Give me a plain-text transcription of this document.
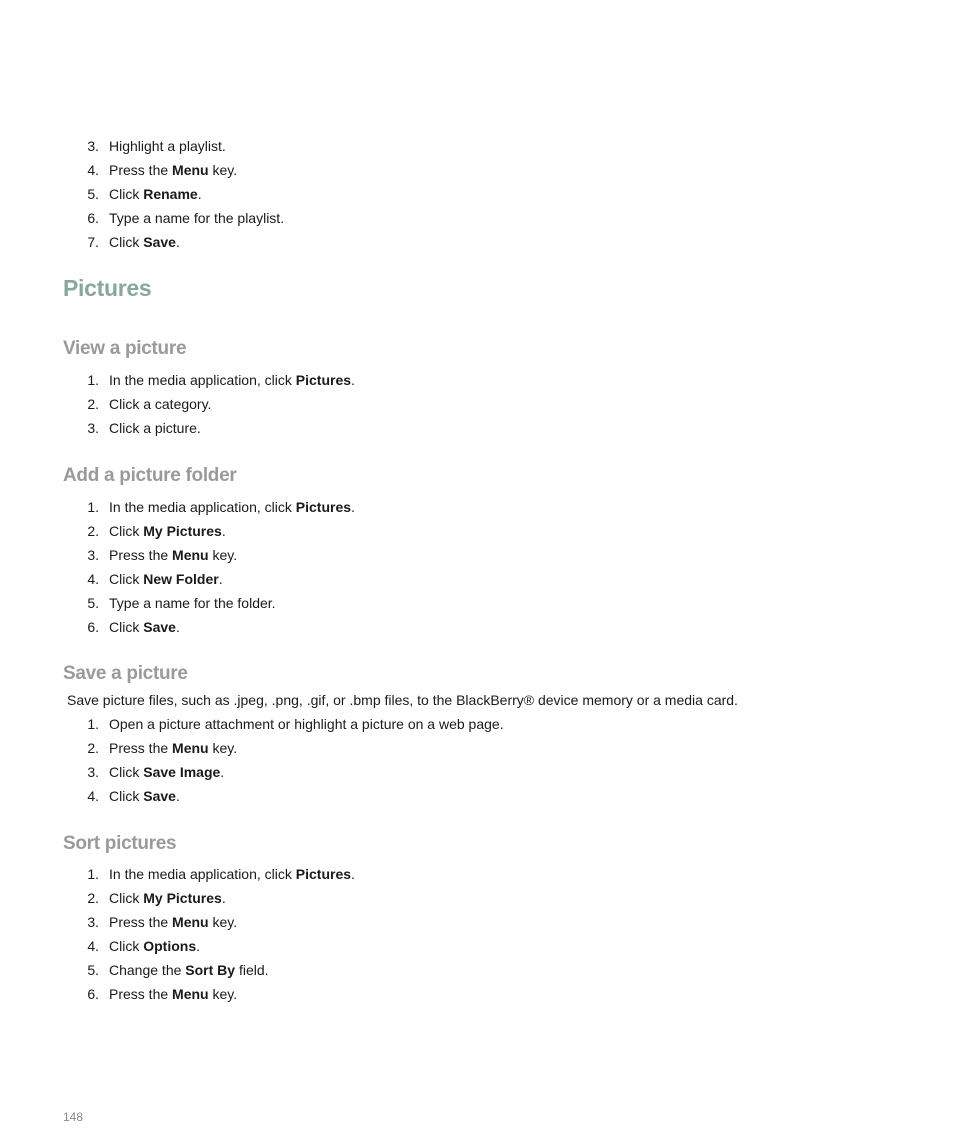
3. Highlight a playlist.
4. Press the Menu key.
5. Click Rename.
6. Type a name for the playlist.
7. Click Save.
Pictures
View a picture
1. In the media application, click Pictures.
2. Click a category.
3. Click a picture.
Add a picture folder
1. In the media application, click Pictures.
2. Click My Pictures.
3. Press the Menu key.
4. Click New Folder.
5. Type a name for the folder.
6. Click Save.
Save a picture

Save picture files, such as .jpeg, .png, .gif, or .bmp files, to the BlackBerry® device memory or a media card.

1. Open a picture attachment or highlight a picture on a web page.
2. Press the Menu key.
3. Click Save Image.
4. Click Save.
Sort pictures
1. In the media application, click Pictures.
2. Click My Pictures.
3. Press the Menu key.
4. Click Options.
5. Change the Sort By field.
6. Press the Menu key.
148
